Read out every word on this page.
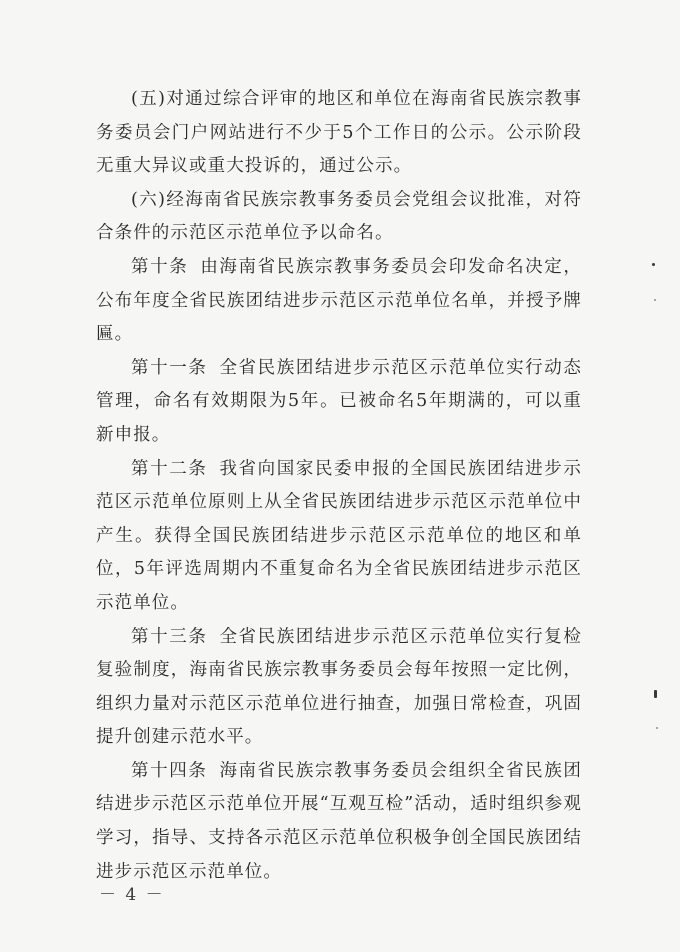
(五)对通过综合评审的地区和单位在海南省民族宗教事务委员会门户网站进行不少于5个工作日的公示。公示阶段无重大异议或重大投诉的，通过公示。

(六)经海南省民族宗教事务委员会党组会议批准，对符合条件的示范区示范单位予以命名。

第十条 由海南省民族宗教事务委员会印发命名决定，公布年度全省民族团结进步示范区示范单位名单，并授予牌匾。

第十一条 全省民族团结进步示范区示范单位实行动态管理，命名有效期限为5年。已被命名5年期满的，可以重新申报。

第十二条 我省向国家民委申报的全国民族团结进步示范区示范单位原则上从全省民族团结进步示范区示范单位中产生。获得全国民族团结进步示范区示范单位的地区和单位，5年评选周期内不重复命名为全省民族团结进步示范区示范单位。

第十三条 全省民族团结进步示范区示范单位实行复检复验制度，海南省民族宗教事务委员会每年按照一定比例，组织力量对示范区示范单位进行抽查，加强日常检查，巩固提升创建示范水平。

第十四条 海南省民族宗教事务委员会组织全省民族团结进步示范区示范单位开展“互观互检”活动，适时组织参观学习，指导、支持各示范区示范单位积极争创全国民族团结进步示范区示范单位。

－ 4 －
